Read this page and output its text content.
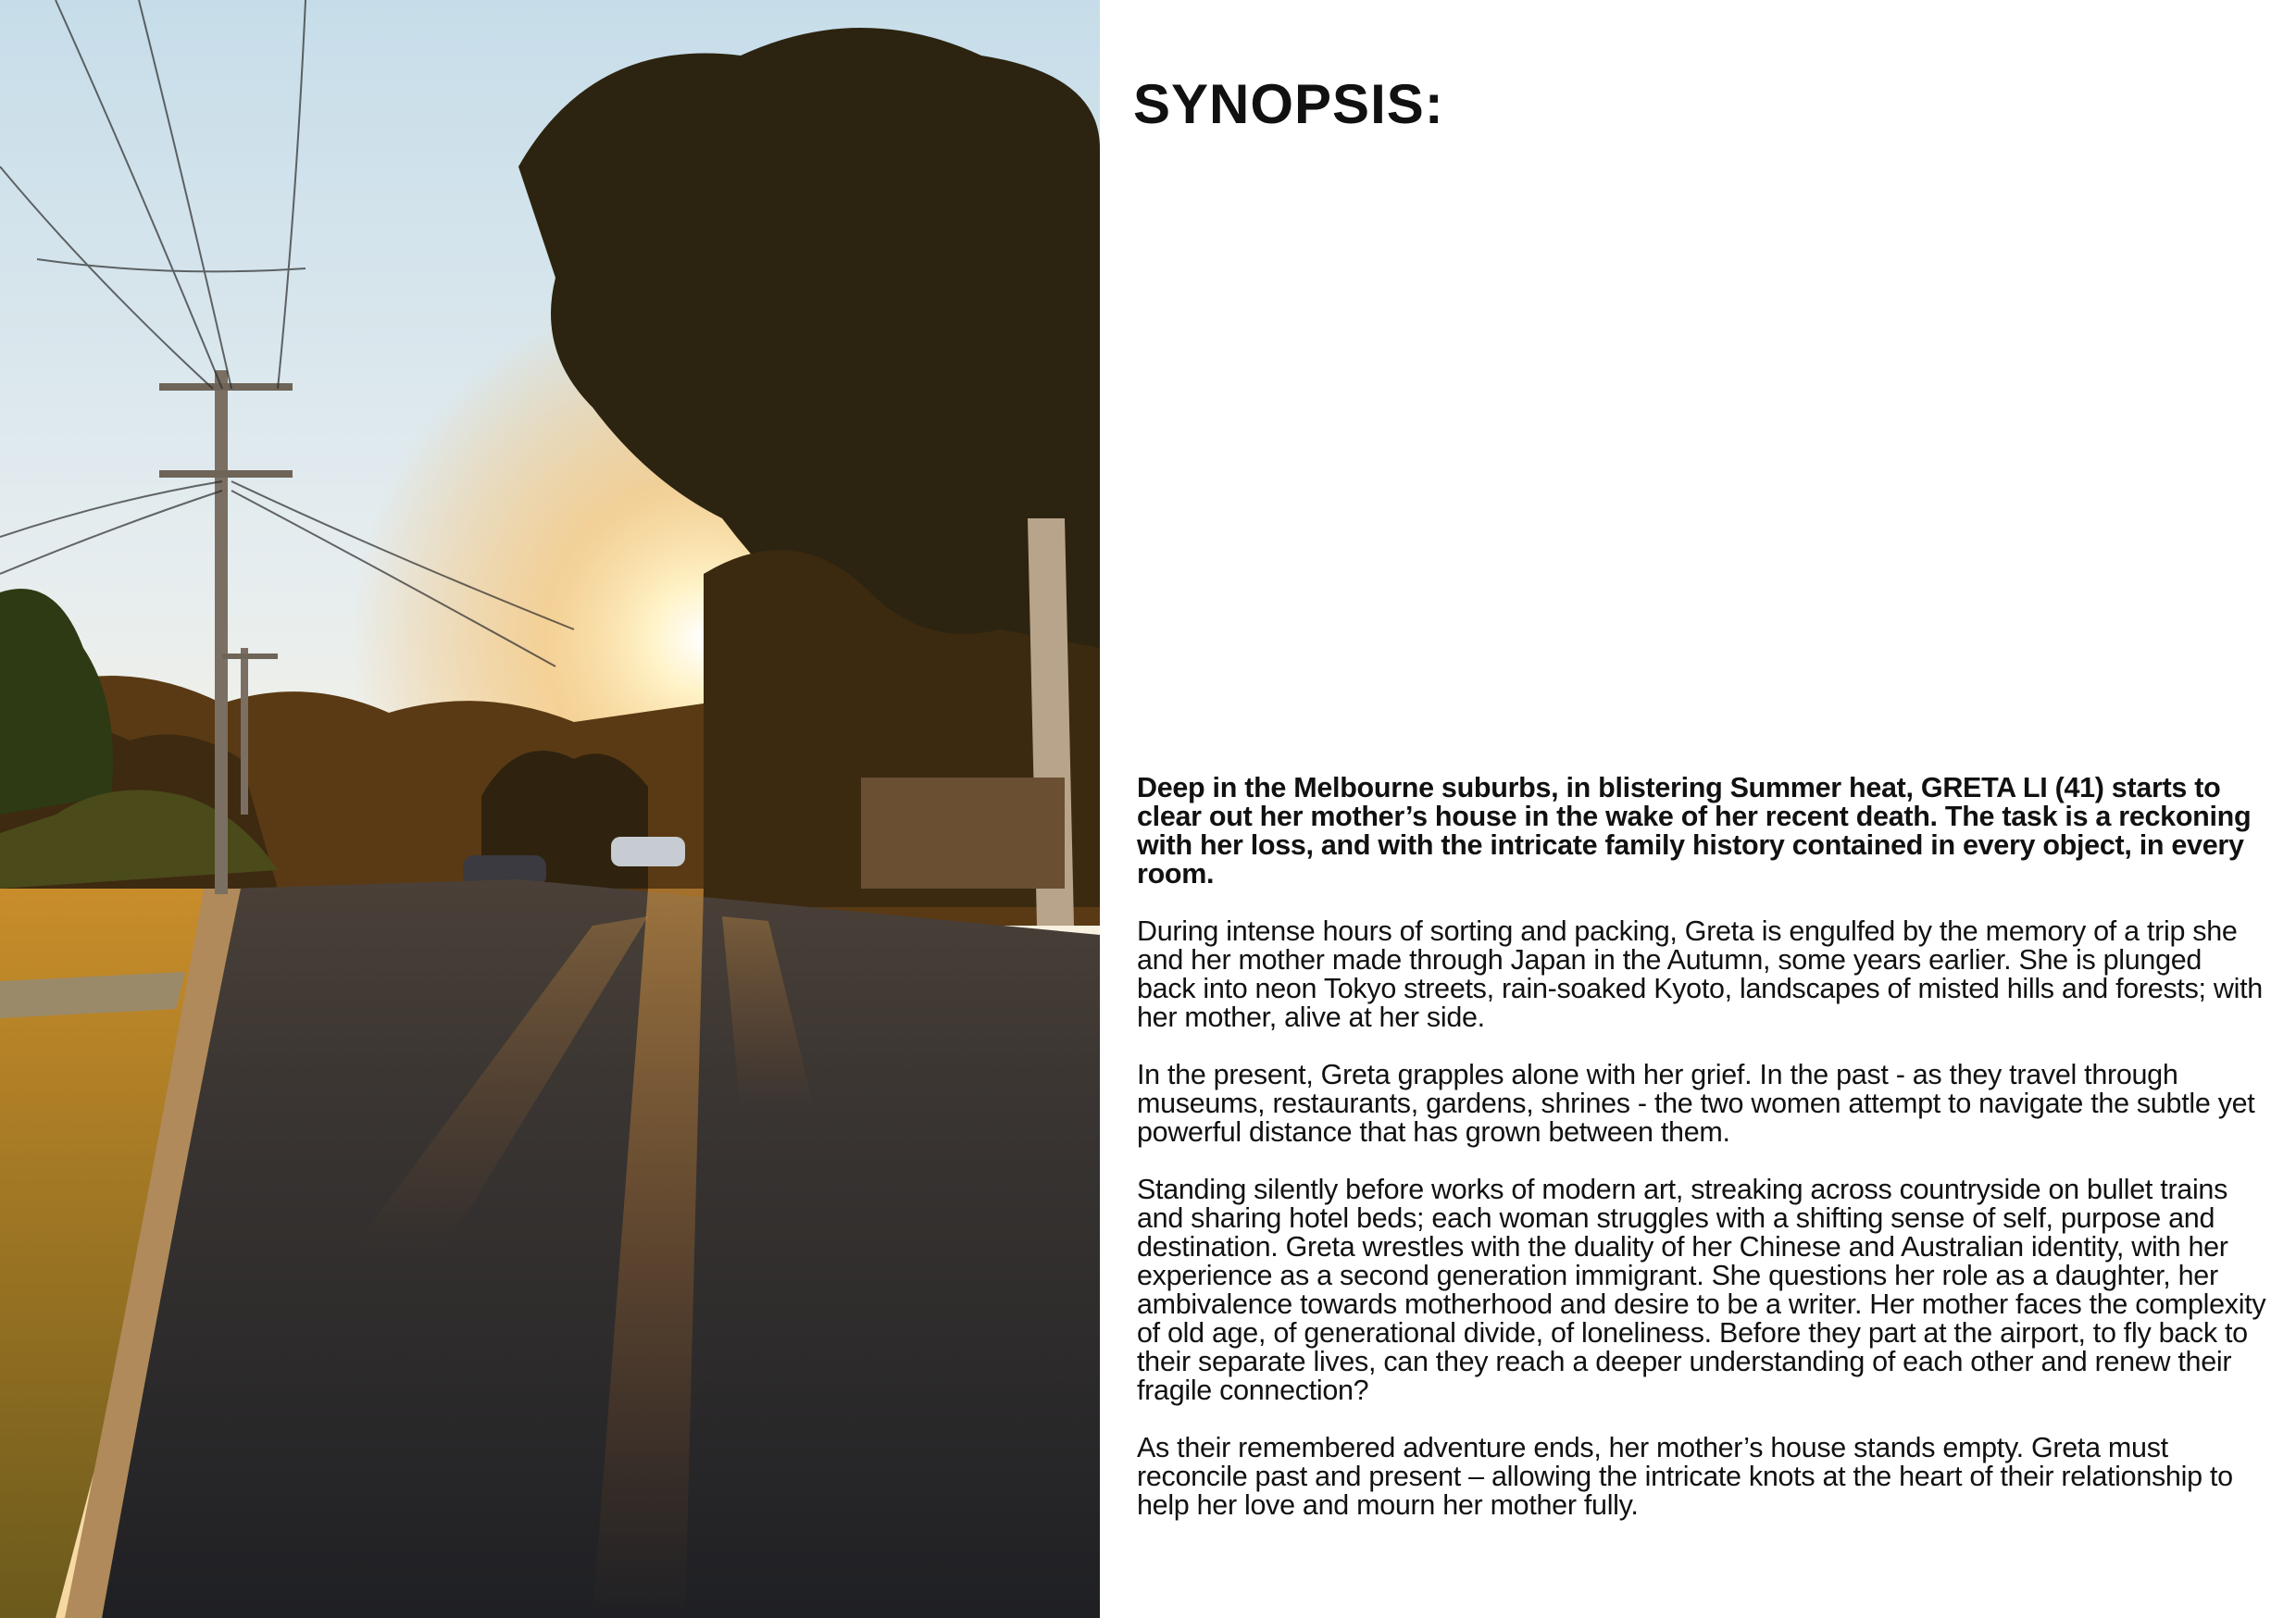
SYNOPSIS:

Deep in the Melbourne suburbs, in blistering Summer heat, GRETA LI (41) starts to clear out her mother’s house in the wake of her recent death. The task is a reckoning with her loss, and with the intricate family history contained in every object, in every room.

During intense hours of sorting and packing, Greta is engulfed by the memory of a trip she and her mother made through Japan in the Autumn, some years earlier. She is plunged back into neon Tokyo streets, rain-soaked Kyoto, landscapes of misted hills and forests; with her mother, alive at her side.

In the present, Greta grapples alone with her grief. In the past - as they travel through museums, restaurants, gardens, shrines - the two women attempt to navigate the subtle yet powerful distance that has grown between them.

Standing silently before works of modern art, streaking across countryside on bullet trains and sharing hotel beds; each woman struggles with a shifting sense of self, purpose and destination. Greta wrestles with the duality of her Chinese and Australian identity, with her experience as a second generation immigrant. She questions her role as a daughter, her ambivalence towards motherhood and desire to be a writer. Her mother faces the complexity of old age, of generational divide, of loneliness. Before they part at the airport, to fly back to their separate lives, can they reach a deeper understanding of each other and renew their fragile connection?

As their remembered adventure ends, her mother’s house stands empty. Greta must reconcile past and present – allowing the intricate knots at the heart of their relationship to help her love and mourn her mother fully.
